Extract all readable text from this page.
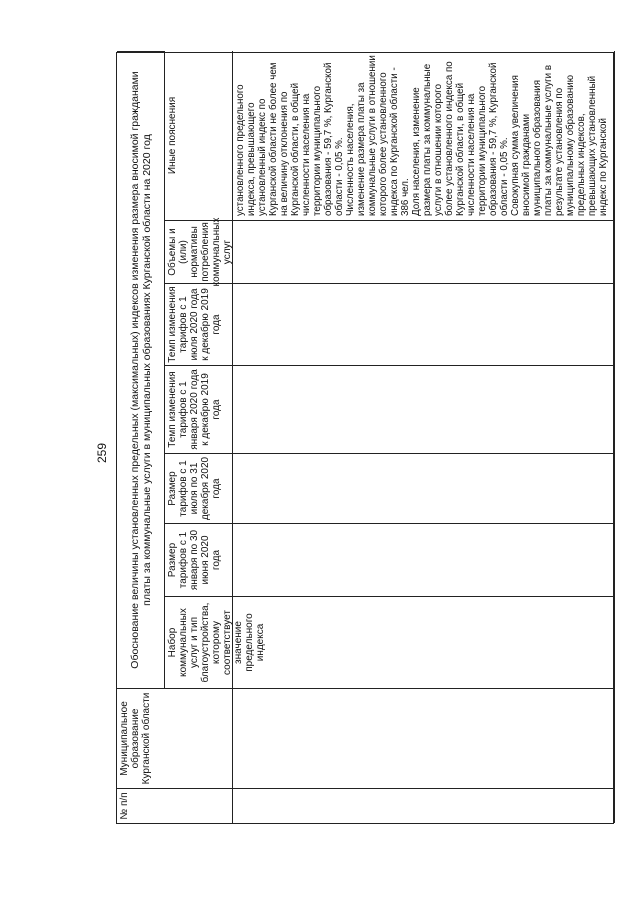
259
№ п/п
Муниципальное образование Курганской области
Обоснование величины установленных предельных (максимальных) индексов изменения размера вносимой гражданами платы за коммунальные услуги в муниципальных образованиях Курганской области на 2020 год
Набор коммунальных услуг и тип благоустройства, которому соответствует значение предельного индекса
Размер тарифов с 1 января по 30 июня 2020 года
Размер тарифов с 1 июля по 31 декабря 2020 года
Темп изменения тарифов с 1 января 2020 года к декабрю 2019 года
Темп изменения тарифов с 1 июля 2020 года к декабрю 2019 года
Объемы и (или) нормативы потребления коммунальных услуг
Иные пояснения	установленного предельного индекса, превышающего установленный индекс по Курганской области не более чем на величину отклонения по Курганской области, в общей численности населения на территории муниципального образования - 59,7 %, Курганской области - 0,05 %. Численность населения, изменение размера платы за коммунальные услуги в отношении которого более установленного индекса по Курганской области - 386 чел. Доля населения, изменение размера платы за коммунальные услуги в отношении которого более установленного индекса по Курганской области, в общей численности населения на территории муниципального образования - 59,7 %, Курганской области - 0,05 %. Совокупная сумма увеличения вносимой гражданами муниципального образования платы за коммунальные услуги в результате установления по муниципальному образованию предельных индексов, превышающих установленный индекс по Курганской
